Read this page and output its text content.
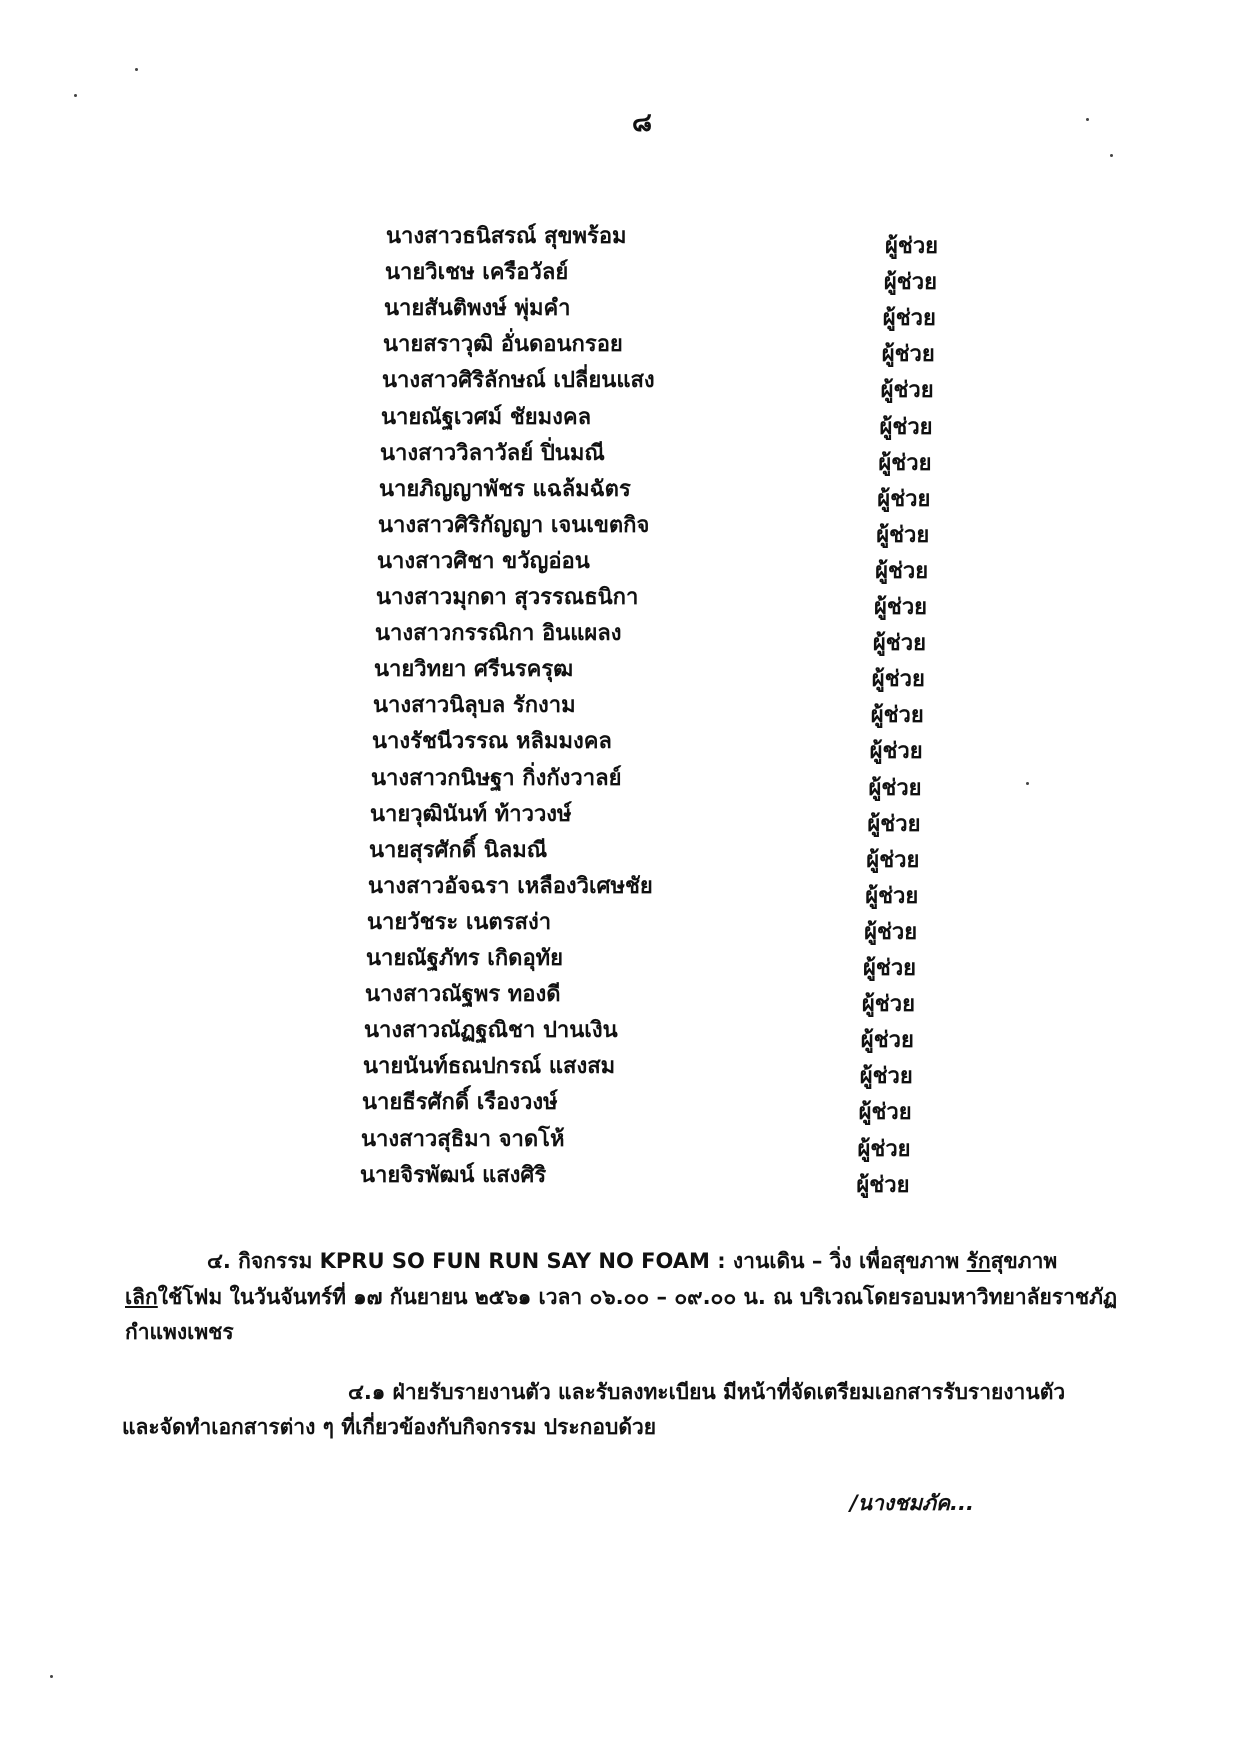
๘
นางสาวธนิสรณ์ สุขพร้อม	ผู้ช่วย
นายวิเชษ เครือวัลย์	ผู้ช่วย
นายสันติพงษ์ พุ่มคำ	ผู้ช่วย
นายสราวุฒิ อั่นดอนกรอย	ผู้ช่วย
นางสาวศิริลักษณ์ เปลี่ยนแสง	ผู้ช่วย
นายณัฐเวศม์ ชัยมงคล	ผู้ช่วย
นางสาววิลาวัลย์ ปิ่นมณี	ผู้ช่วย
นายภิญญาพัชร แฉล้มฉัตร	ผู้ช่วย
นางสาวศิริกัญญา เจนเขตกิจ	ผู้ช่วย
นางสาวศิชา ขวัญอ่อน	ผู้ช่วย
นางสาวมุกดา สุวรรณธนิกา	ผู้ช่วย
นางสาวกรรณิกา อินแผลง	ผู้ช่วย
นายวิทยา ศรีนรครุฒ	ผู้ช่วย
นางสาวนิลุบล รักงาม	ผู้ช่วย
นางรัชนีวรรณ หลิมมงคล	ผู้ช่วย
นางสาวกนิษฐา กิ่งกังวาลย์	ผู้ช่วย
นายวุฒินันท์ ท้าววงษ์	ผู้ช่วย
นายสุรศักดิ์ นิลมณี	ผู้ช่วย
นางสาวอัจฉรา เหลืองวิเศษชัย	ผู้ช่วย
นายวัชระ เนตรสง่า	ผู้ช่วย
นายณัฐภัทร เกิดอุทัย	ผู้ช่วย
นางสาวณัฐพร ทองดี	ผู้ช่วย
นางสาวณัฏฐณิชา ปานเงิน	ผู้ช่วย
นายนันท์ธณปกรณ์ แสงสม	ผู้ช่วย
นายธีรศักดิ์ เรืองวงษ์	ผู้ช่วย
นางสาวสุธิมา จาดโห้	ผู้ช่วย
นายจิรพัฒน์ แสงศิริ	ผู้ช่วย
๔. กิจกรรม KPRU SO FUN RUN SAY NO FOAM : งานเดิน – วิ่ง เพื่อสุขภาพ รักสุขภาพ
เลิกใช้โฟม ในวันจันทร์ที่ ๑๗ กันยายน ๒๕๖๑ เวลา ๐๖.๐๐ – ๐๙.๐๐ น. ณ บริเวณโดยรอบมหาวิทยาลัยราชภัฏ
กำแพงเพชร
๔.๑ ฝ่ายรับรายงานตัว และรับลงทะเบียน มีหน้าที่จัดเตรียมเอกสารรับรายงานตัว
และจัดทำเอกสารต่าง ๆ ที่เกี่ยวข้องกับกิจกรรม ประกอบด้วย
/นางชมภัค...
